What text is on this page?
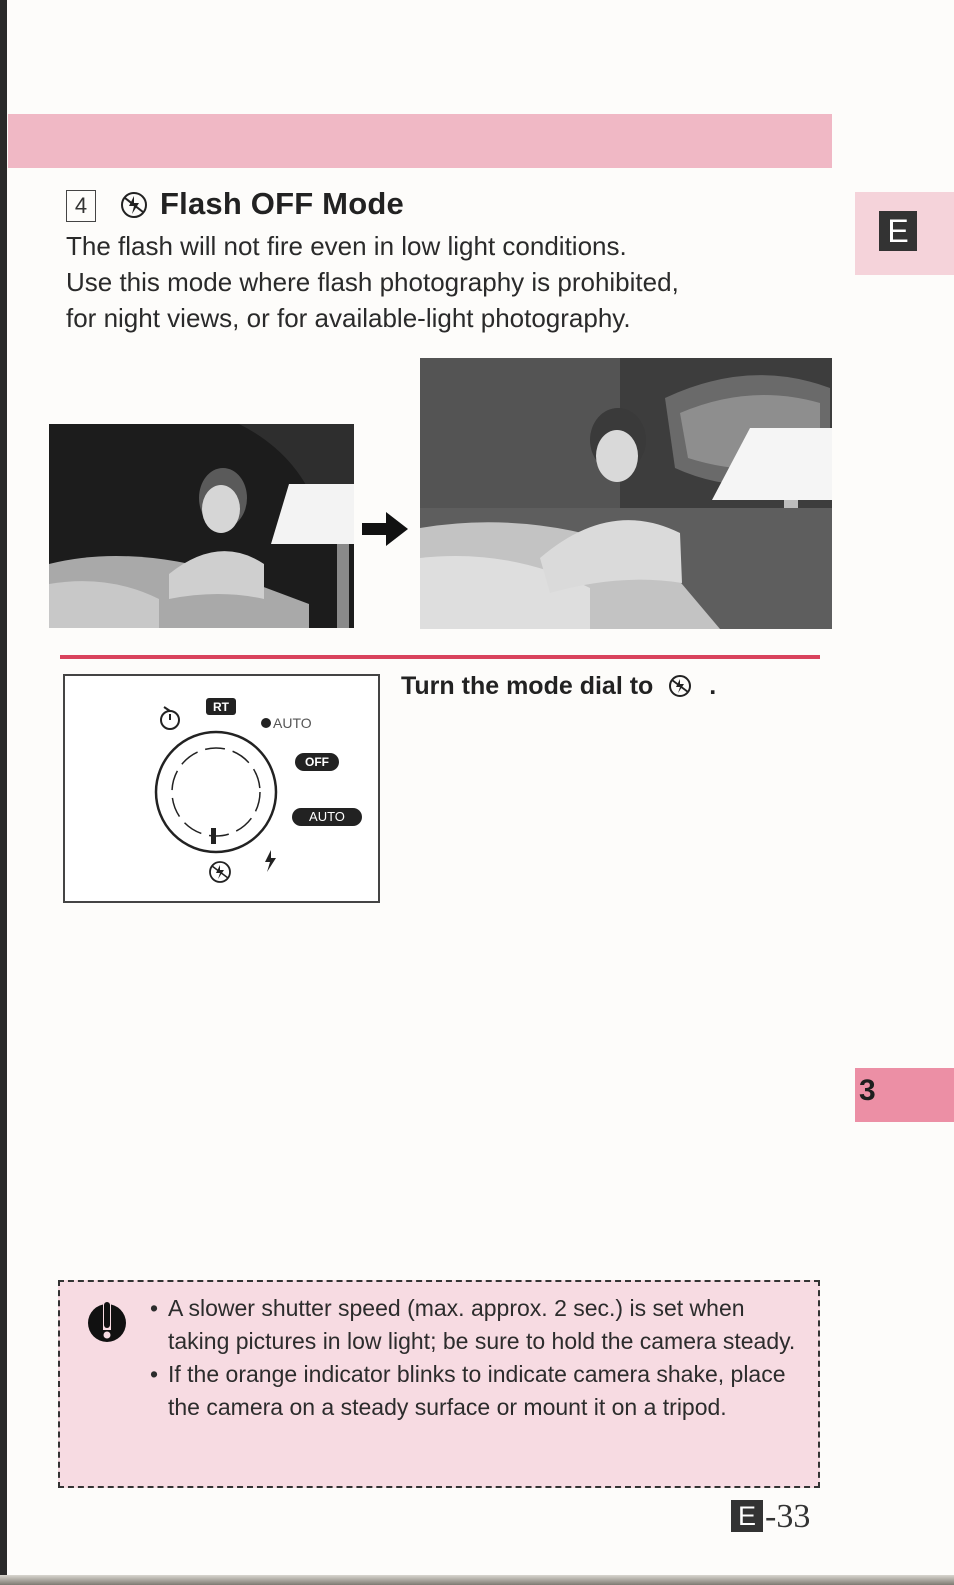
E
3
4 Flash OFF Mode

The flash will not fire even in low light conditions.
Use this mode where flash photography is prohibited,
for night views, or for available-light photography.

RT
AUTO
OFF
AUTO
Turn the mode dial to .
• A slower shutter speed (max. approx. 2 sec.) is set when taking pictures in low light; be sure to hold the camera steady.
• If the orange indicator blinks to indicate camera shake, place the camera on a steady surface or mount it on a tripod.
E -33
